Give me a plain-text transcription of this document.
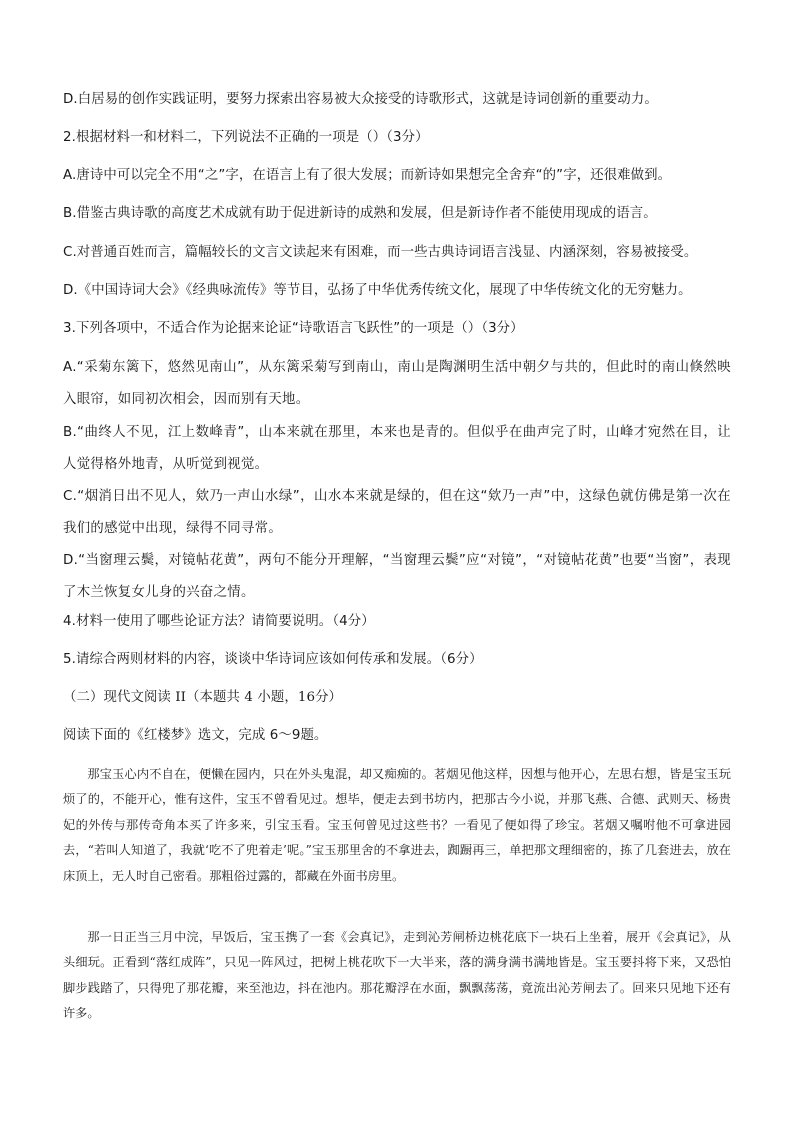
D.白居易的创作实践证明，要努力探索出容易被大众接受的诗歌形式，这就是诗词创新的重要动力。
2.根据材料一和材料二，下列说法不正确的一项是（）（3分）
A.唐诗中可以完全不用“之”字，在语言上有了很大发展；而新诗如果想完全舍弃“的”字，还很难做到。
B.借鉴古典诗歌的高度艺术成就有助于促进新诗的成熟和发展，但是新诗作者不能使用现成的语言。
C.对普通百姓而言，篇幅较长的文言文读起来有困难，而一些古典诗词语言浅显、内涵深刻，容易被接受。
D.《中国诗词大会》《经典咏流传》等节目，弘扬了中华优秀传统文化，展现了中华传统文化的无穷魅力。
3.下列各项中，不适合作为论据来论证“诗歌语言飞跃性”的一项是（）（3分）
A.“采菊东篱下，悠然见南山”，从东篱采菊写到南山，南山是陶渊明生活中朝夕与共的，但此时的南山倏然映入眼帘，如同初次相会，因而别有天地。
B.“曲终人不见，江上数峰青”，山本来就在那里，本来也是青的。但似乎在曲声完了时，山峰才宛然在目，让人觉得格外地青，从听觉到视觉。
C.“烟消日出不见人，欸乃一声山水绿”，山水本来就是绿的，但在这“欸乃一声”中，这绿色就仿佛是第一次在我们的感觉中出现，绿得不同寻常。
D.“当窗理云鬓，对镜帖花黄”，两句不能分开理解，“当窗理云鬓”应“对镜”，“对镜帖花黄”也要“当窗”，表现了木兰恢复女儿身的兴奋之情。
4.材料一使用了哪些论证方法？请简要说明。（4分）
5.请综合两则材料的内容，谈谈中华诗词应该如何传承和发展。（6分）
（二）现代文阅读 II（本题共 4 小题，16分）
阅读下面的《红楼梦》选文，完成 6～9题。
那宝玉心内不自在，便懒在园内，只在外头鬼混，却又痴痴的。茗烟见他这样，因想与他开心，左思右想，皆是宝玉玩烦了的，不能开心，惟有这件，宝玉不曾看见过。想毕，便走去到书坊内，把那古今小说，并那飞燕、合德、武则天、杨贵妃的外传与那传奇角本买了许多来，引宝玉看。宝玉何曾见过这些书？一看见了便如得了珍宝。茗烟又嘱咐他不可拿进园去，“若叫人知道了，我就‘吃不了兜着走’呢。”宝玉那里舍的不拿进去，踟蹰再三，单把那文理细密的，拣了几套进去，放在床顶上，无人时自己密看。那粗俗过露的，都藏在外面书房里。
那一日正当三月中浣，早饭后，宝玉携了一套《会真记》，走到沁芳闸桥边桃花底下一块石上坐着，展开《会真记》，从头细玩。正看到“落红成阵”，只见一阵风过，把树上桃花吹下一大半来，落的满身满书满地皆是。宝玉要抖将下来，又恐怕脚步践踏了，只得兜了那花瓣，来至池边，抖在池内。那花瓣浮在水面，飘飘荡荡，竟流出沁芳闸去了。回来只见地下还有许多。
